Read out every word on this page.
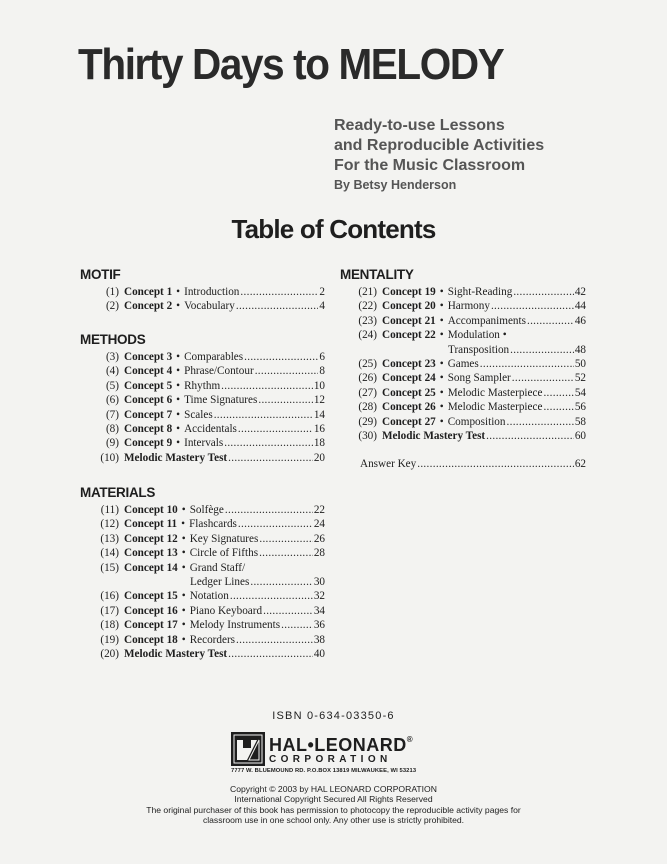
Thirty Days to MELODY
Ready-to-use Lessons
and Reproducible Activities
For the Music Classroom
By Betsy Henderson
Table of Contents
MOTIF
(1) Concept 1 • Introduction .....	2
(2) Concept 2 • Vocabulary .....	4
METHODS
(3) Concept 3 • Comparables .....	6
(4) Concept 4 • Phrase/Contour .....	8
(5) Concept 5 • Rhythm .....	10
(6) Concept 6 • Time Signatures .....	12
(7) Concept 7 • Scales .....	14
(8) Concept 8 • Accidentals .....	16
(9) Concept 9 • Intervals .....	18
(10) Melodic Mastery Test .....	20
MATERIALS
(11) Concept 10 • Solfège .....	22
(12) Concept 11 • Flashcards .....	24
(13) Concept 12 • Key Signatures .....	26
(14) Concept 13 • Circle of Fifths .....	28
(15) Concept 14 • Grand Staff/
Ledger Lines .....	30
(16) Concept 15 • Notation .....	32
(17) Concept 16 • Piano Keyboard .....	34
(18) Concept 17 • Melody Instruments .....	36
(19) Concept 18 • Recorders .....	38
(20) Melodic Mastery Test .....	40
MENTALITY
(21) Concept 19 • Sight-Reading .....	42
(22) Concept 20 • Harmony .....	44
(23) Concept 21 • Accompaniments .....	46
(24) Concept 22 • Modulation •
Transposition .....	48
(25) Concept 23 • Games .....	50
(26) Concept 24 • Song Sampler .....	52
(27) Concept 25 • Melodic Masterpiece .....	54
(28) Concept 26 • Melodic Masterpiece .....	56
(29) Concept 27 • Composition .....	58
(30) Melodic Mastery Test .....	60
Answer Key .....	62
ISBN 0-634-03350-6
HAL•LEONARD®
CORPORATION
7777 W. BLUEMOUND RD. P.O.BOX 13819 MILWAUKEE, WI 53213
Copyright © 2003 by HAL LEONARD CORPORATION
International Copyright Secured All Rights Reserved
The original purchaser of this book has permission to photocopy the reproducible activity pages for
classroom use in one school only. Any other use is strictly prohibited.
